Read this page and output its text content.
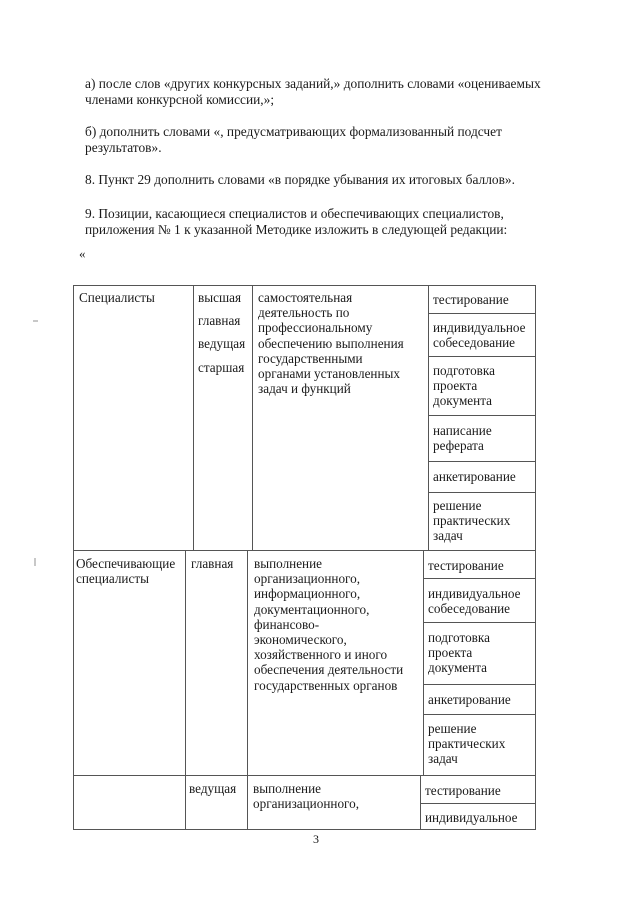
а) после слов «других конкурсных заданий,» дополнить словами «оцениваемых
членами конкурсной комиссии,»;
б) дополнить словами «, предусматривающих формализованный подсчет
результатов».
8. Пункт 29 дополнить словами «в порядке убывания их итоговых баллов».
9. Позиции, касающиеся специалистов и обеспечивающих специалистов,
приложения № 1 к указанной Методике изложить в следующей редакции:
«
Специалисты	высшая
главная
ведущая
старшая
самостоятельная
деятельность по
профессиональному
обеспечению выполнения
государственными
органами установленных
задач и функций
тестирование
индивидуальное
собеседование
подготовка
проекта
документа
написание
реферата
анкетирование
решение
практических
задач
Обеспечивающие
специалисты
главная выполнение
организационного,
информационного,
документационного,
финансово-
экономического,
хозяйственного и иного
обеспечения деятельности
государственных органов
тестирование
индивидуальное
собеседование
подготовка
проекта
документа
анкетирование
решение
практических
задач
ведущая выполнение
организационного,
тестирование
индивидуальное
3
